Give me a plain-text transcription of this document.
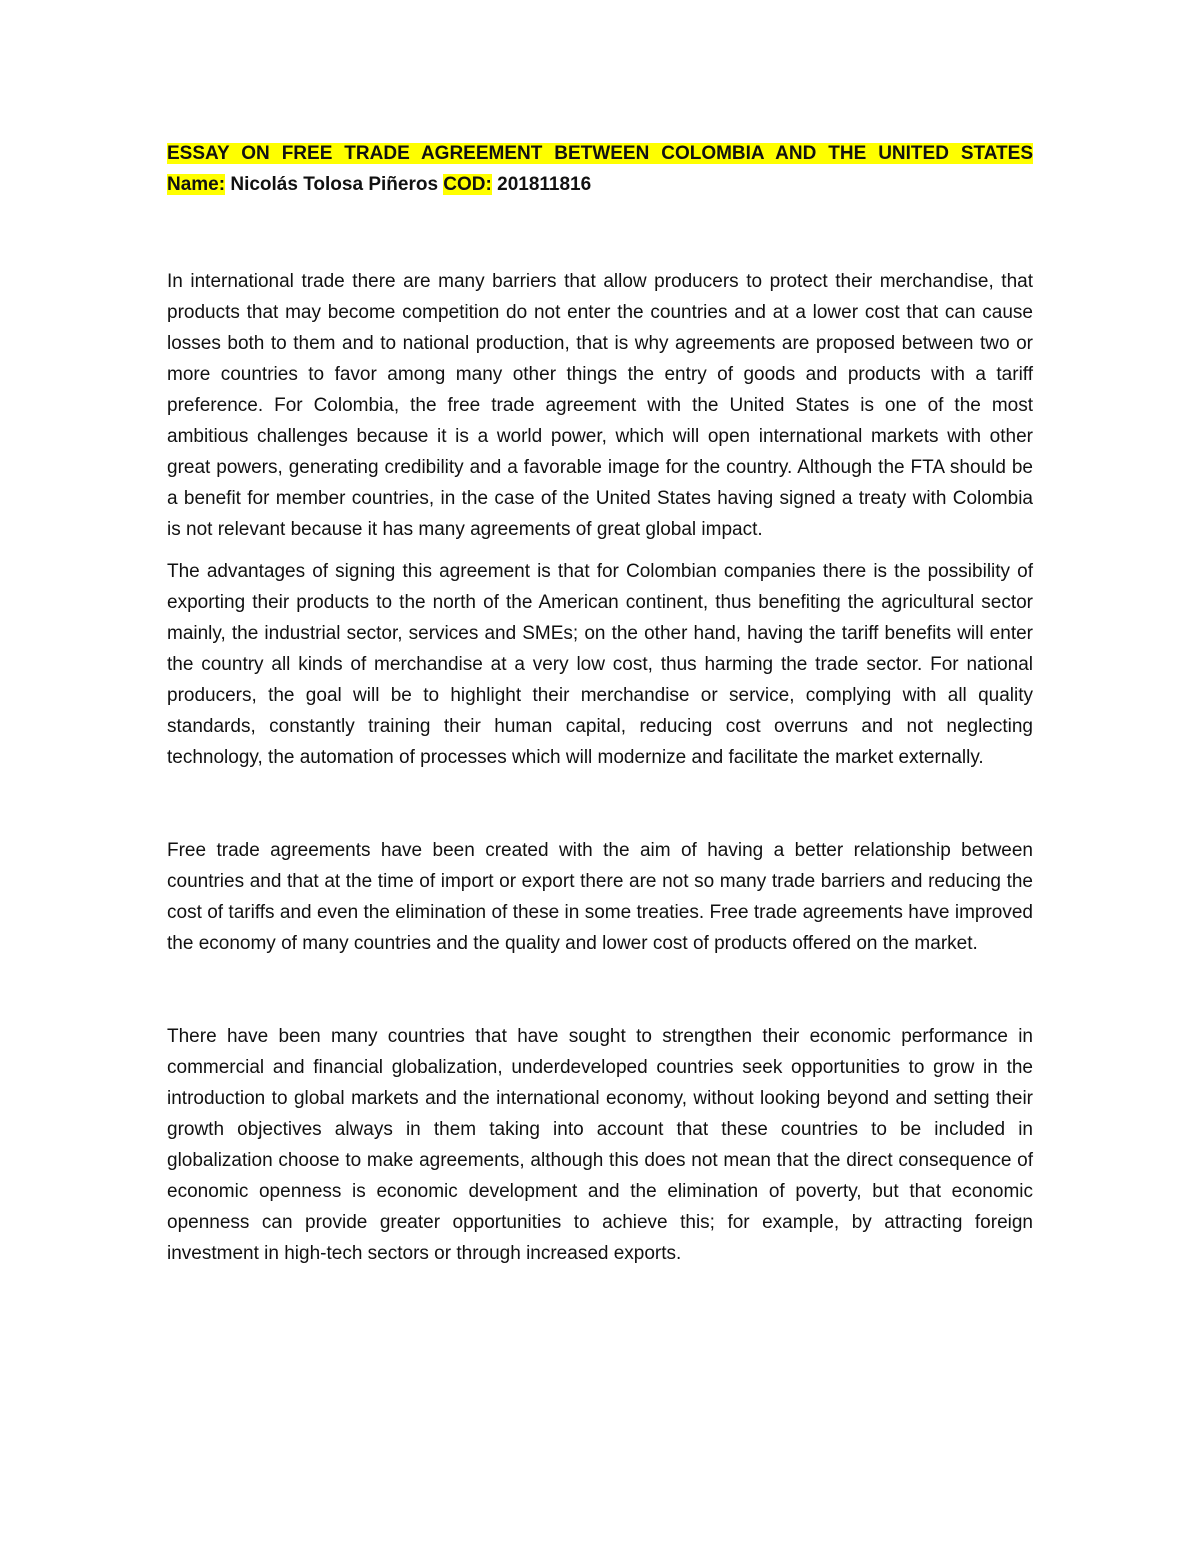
ESSAY ON FREE TRADE AGREEMENT BETWEEN COLOMBIA AND THE UNITED STATES

Name: Nicolás Tolosa Piñeros COD: 201811816

In international trade there are many barriers that allow producers to protect their merchandise, that products that may become competition do not enter the countries and at a lower cost that can cause losses both to them and to national production, that is why agreements are proposed between two or more countries to favor among many other things the entry of goods and products with a tariff preference. For Colombia, the free trade agreement with the United States is one of the most ambitious challenges because it is a world power, which will open international markets with other great powers, generating credibility and a favorable image for the country. Although the FTA should be a benefit for member countries, in the case of the United States having signed a treaty with Colombia is not relevant because it has many agreements of great global impact.

The advantages of signing this agreement is that for Colombian companies there is the possibility of exporting their products to the north of the American continent, thus benefiting the agricultural sector mainly, the industrial sector, services and SMEs; on the other hand, having the tariff benefits will enter the country all kinds of merchandise at a very low cost, thus harming the trade sector. For national producers, the goal will be to highlight their merchandise or service, complying with all quality standards, constantly training their human capital, reducing cost overruns and not neglecting technology, the automation of processes which will modernize and facilitate the market externally.

Free trade agreements have been created with the aim of having a better relationship between countries and that at the time of import or export there are not so many trade barriers and reducing the cost of tariffs and even the elimination of these in some treaties. Free trade agreements have improved the economy of many countries and the quality and lower cost of products offered on the market.

There have been many countries that have sought to strengthen their economic performance in commercial and financial globalization, underdeveloped countries seek opportunities to grow in the introduction to global markets and the international economy, without looking beyond and setting their growth objectives always in them taking into account that these countries to be included in globalization choose to make agreements, although this does not mean that the direct consequence of economic openness is economic development and the elimination of poverty, but that economic openness can provide greater opportunities to achieve this; for example, by attracting foreign investment in high-tech sectors or through increased exports.
